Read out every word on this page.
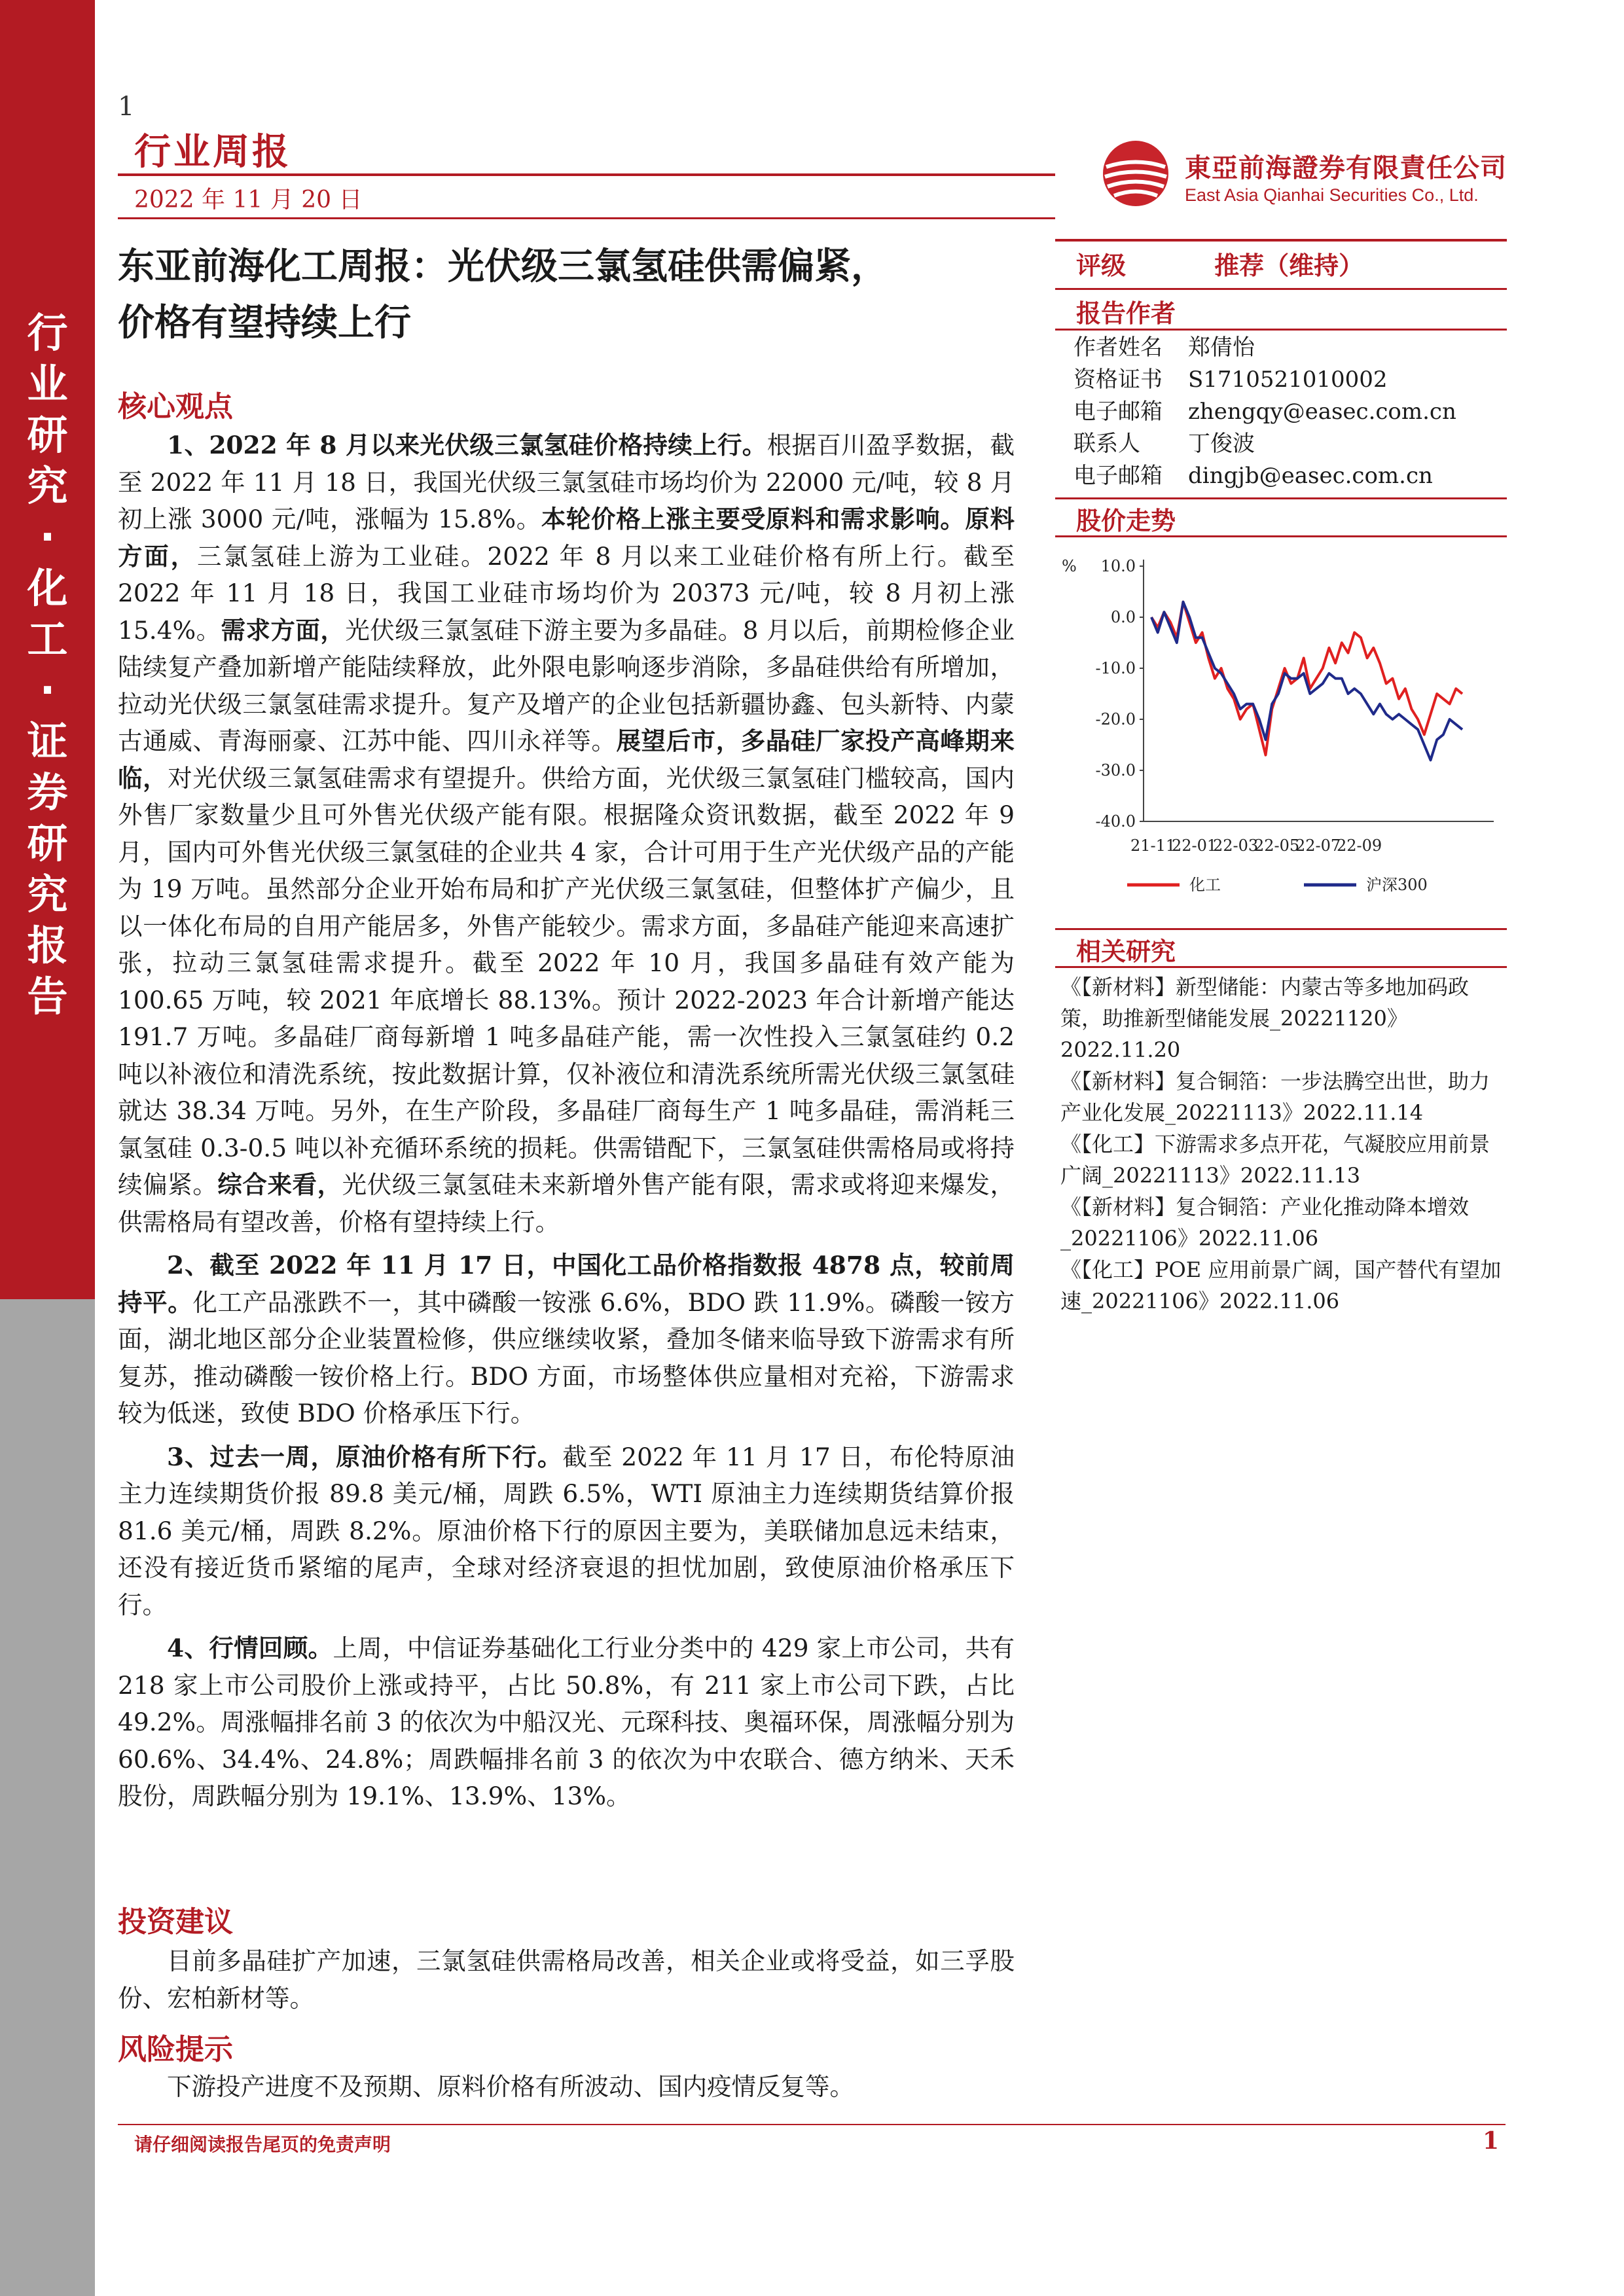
行
业
研
究
·
化
工
·
证
券
研
究
报
告
1
行业周报
2022 年 11 月 20 日
東亞前海證券有限責任公司
East Asia Qianhai Securities Co., Ltd.
东亚前海化工周报：光伏级三氯氢硅供需偏紧，
价格有望持续上行
核心观点

1、2022 年 8 月以来光伏级三氯氢硅价格持续上行。根据百川盈孚数据，截至 2022 年 11 月 18 日，我国光伏级三氯氢硅市场均价为 22000 元/吨，较 8 月初上涨 3000 元/吨，涨幅为 15.8%。本轮价格上涨主要受原料和需求影响。原料方面，三氯氢硅上游为工业硅。2022 年 8 月以来工业硅价格有所上行。截至 2022 年 11 月 18 日，我国工业硅市场均价为 20373 元/吨，较 8 月初上涨 15.4%。需求方面，光伏级三氯氢硅下游主要为多晶硅。8 月以后，前期检修企业陆续复产叠加新增产能陆续释放，此外限电影响逐步消除，多晶硅供给有所增加，拉动光伏级三氯氢硅需求提升。复产及增产的企业包括新疆协鑫、包头新特、内蒙古通威、青海丽豪、江苏中能、四川永祥等。展望后市，多晶硅厂家投产高峰期来临，对光伏级三氯氢硅需求有望提升。供给方面，光伏级三氯氢硅门槛较高，国内外售厂家数量少且可外售光伏级产能有限。根据隆众资讯数据，截至 2022 年 9 月，国内可外售光伏级三氯氢硅的企业共 4 家，合计可用于生产光伏级产品的产能为 19 万吨。虽然部分企业开始布局和扩产光伏级三氯氢硅，但整体扩产偏少，且以一体化布局的自用产能居多，外售产能较少。需求方面，多晶硅产能迎来高速扩张，拉动三氯氢硅需求提升。截至 2022 年 10 月，我国多晶硅有效产能为 100.65 万吨，较 2021 年底增长 88.13%。预计 2022-2023 年合计新增产能达 191.7 万吨。多晶硅厂商每新增 1 吨多晶硅产能，需一次性投入三氯氢硅约 0.2 吨以补液位和清洗系统，按此数据计算，仅补液位和清洗系统所需光伏级三氯氢硅就达 38.34 万吨。另外，在生产阶段，多晶硅厂商每生产 1 吨多晶硅，需消耗三氯氢硅 0.3-0.5 吨以补充循环系统的损耗。供需错配下，三氯氢硅供需格局或将持续偏紧。综合来看，光伏级三氯氢硅未来新增外售产能有限，需求或将迎来爆发，供需格局有望改善，价格有望持续上行。

2、截至 2022 年 11 月 17 日，中国化工品价格指数报 4878 点，较前周持平。化工产品涨跌不一，其中磷酸一铵涨 6.6%，BDO 跌 11.9%。磷酸一铵方面，湖北地区部分企业装置检修，供应继续收紧，叠加冬储来临导致下游需求有所复苏，推动磷酸一铵价格上行。BDO 方面，市场整体供应量相对充裕，下游需求较为低迷，致使 BDO 价格承压下行。

3、过去一周，原油价格有所下行。截至 2022 年 11 月 17 日，布伦特原油主力连续期货价报 89.8 美元/桶，周跌 6.5%，WTI 原油主力连续期货结算价报 81.6 美元/桶，周跌 8.2%。原油价格下行的原因主要为，美联储加息远未结束，还没有接近货币紧缩的尾声，全球对经济衰退的担忧加剧，致使原油价格承压下行。

4、行情回顾。上周，中信证券基础化工行业分类中的 429 家上市公司，共有 218 家上市公司股价上涨或持平，占比 50.8%，有 211 家上市公司下跌，占比 49.2%。周涨幅排名前 3 的依次为中船汉光、元琛科技、奥福环保，周涨幅分别为 60.6%、34.4%、24.8%；周跌幅排名前 3 的依次为中农联合、德方纳米、天禾股份，周跌幅分别为 19.1%、13.9%、13%。

投资建议

目前多晶硅扩产加速，三氯氢硅供需格局改善，相关企业或将受益，如三孚股份、宏柏新材等。

风险提示
评级	推荐（维持）
报告作者
作者姓名 郑倩怡
资格证书 S1710521010002
电子邮箱 zhengqy@easec.com.cn
联系人 丁俊波
电子邮箱 dingjb@easec.com.cn
股价走势
% 10.0
0.0
-10.0
-20.0
-30.0
-40.0
21-11
22-01
22-03
22-05
22-07
22-09
化工	沪深300
相关研究
《【新材料】新型储能：内蒙古等多地加码政策，助推新型储能发展_20221120》2022.11.20
《【新材料】复合铜箔：一步法腾空出世，助力产业化发展_20221113》2022.11.14
《【化工】下游需求多点开花，气凝胶应用前景广阔_20221113》2022.11.13
《【新材料】复合铜箔：产业化推动降本增效_20221106》2022.11.06
《【化工】POE 应用前景广阔，国产替代有望加速_20221106》2022.11.06

下游投产进度不及预期、原料价格有所波动、国内疫情反复等。

请仔细阅读报告尾页的免责声明	1
